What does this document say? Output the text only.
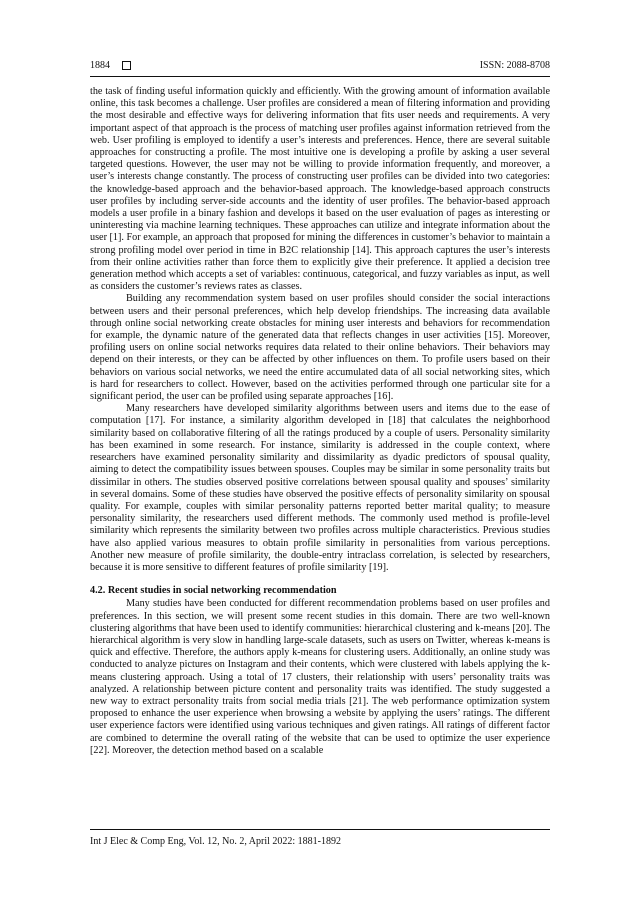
1884	ISSN: 2088-8708

the task of finding useful information quickly and efficiently. With the growing amount of information available online, this task becomes a challenge. User profiles are considered a mean of filtering information and providing the most desirable and effective ways for delivering information that fits user needs and requirements. A very important aspect of that approach is the process of matching user profiles against information retrieved from the web. User profiling is employed to identify a user’s interests and preferences. Hence, there are several suitable approaches for constructing a profile. The most intuitive one is developing a profile by asking a user several targeted questions. However, the user may not be willing to provide information frequently, and moreover, a user’s interests change constantly. The process of constructing user profiles can be divided into two categories: the knowledge-based approach and the behavior-based approach. The knowledge-based approach constructs user profiles by including server-side accounts and the identity of user profiles. The behavior-based approach models a user profile in a binary fashion and develops it based on the user evaluation of pages as interesting or uninteresting via machine learning techniques. These approaches can utilize and integrate information about the user [1]. For example, an approach that proposed for mining the differences in customer’s behavior to maintain a strong profiling model over period in time in B2C relationship [14]. This approach captures the user’s interests from their online activities rather than force them to explicitly give their preference. It applied a decision tree generation method which accepts a set of variables: continuous, categorical, and fuzzy variables as input, as well as considers the customer’s reviews rates as classes.

Building any recommendation system based on user profiles should consider the social interactions between users and their personal preferences, which help develop friendships. The increasing data available through online social networking create obstacles for mining user interests and behaviors for recommendation for example, the dynamic nature of the generated data that reflects changes in user activities [15]. Moreover, profiling users on online social networks requires data related to their online behaviors. Their behaviors may depend on their interests, or they can be affected by other influences on them. To profile users based on their behaviors on various social networks, we need the entire accumulated data of all social networking sites, which is hard for researchers to collect. However, based on the activities performed through one particular site for a significant period, the user can be profiled using separate approaches [16].

Many researchers have developed similarity algorithms between users and items due to the ease of computation [17]. For instance, a similarity algorithm developed in [18] that calculates the neighborhood similarity based on collaborative filtering of all the ratings produced by a couple of users. Personality similarity has been examined in some research. For instance, similarity is addressed in the couple context, where researchers have examined personality similarity and dissimilarity as dyadic predictors of spousal quality, aiming to detect the compatibility issues between spouses. Couples may be similar in some personality traits but dissimilar in others. The studies observed positive correlations between spousal quality and spouses’ similarity in several domains. Some of these studies have observed the positive effects of personality similarity on spousal quality. For example, couples with similar personality patterns reported better marital quality; to measure personality similarity, the researchers used different methods. The commonly used method is profile-level similarity which represents the similarity between two profiles across multiple characteristics. Previous studies have also applied various measures to obtain profile similarity in personalities from various perceptions. Another new measure of profile similarity, the double-entry intraclass correlation, is selected by researchers, because it is more sensitive to different features of profile similarity [19].

4.2. Recent studies in social networking recommendation

Many studies have been conducted for different recommendation problems based on user profiles and preferences. In this section, we will present some recent studies in this domain. There are two well-known clustering algorithms that have been used to identify communities: hierarchical clustering and k-means [20]. The hierarchical algorithm is very slow in handling large-scale datasets, such as users on Twitter, whereas k-means is quick and effective. Therefore, the authors apply k-means for clustering users. Additionally, an online study was conducted to analyze pictures on Instagram and their contents, which were clustered with labels applying the k-means clustering approach. Using a total of 17 clusters, their relationship with users’ personality traits was analyzed. A relationship between picture content and personality traits was identified. The study suggested a new way to extract personality traits from social media trials [21]. The web performance optimization system proposed to enhance the user experience when browsing a website by applying the users’ ratings. The different user experience factors were identified using various techniques and given ratings. All ratings of different factor are combined to determine the overall rating of the website that can be used to optimize the user experience [22]. Moreover, the detection method based on a scalable

Int J Elec & Comp Eng, Vol. 12, No. 2, April 2022: 1881-1892
